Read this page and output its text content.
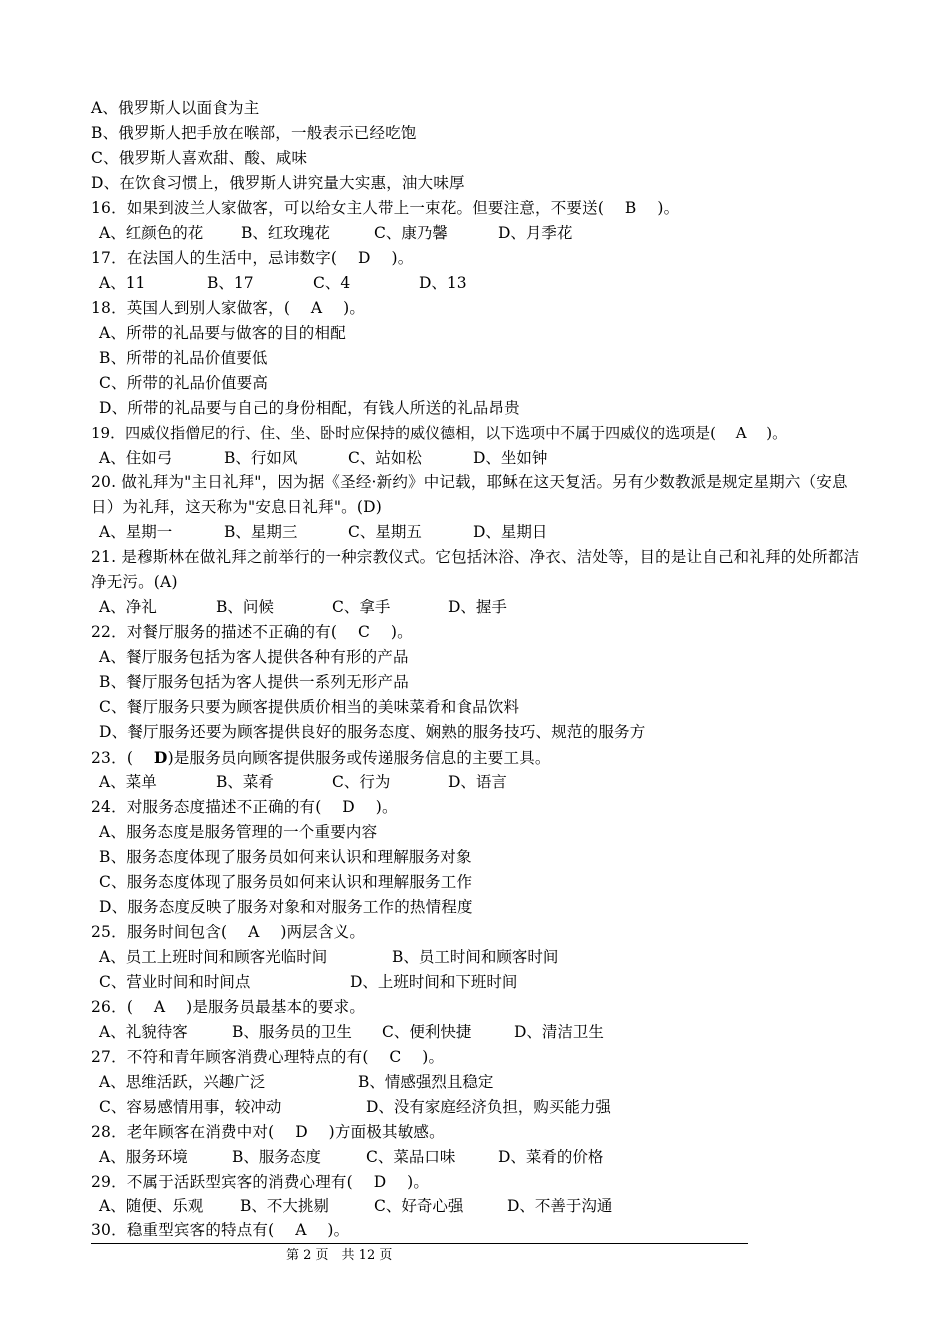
A、俄罗斯人以面食为主
B、俄罗斯人把手放在喉部，一般表示已经吃饱
C、俄罗斯人喜欢甜、酸、咸味
D、在饮食习惯上，俄罗斯人讲究量大实惠，油大味厚
16．如果到波兰人家做客，可以给女主人带上一束花。但要注意，不要送(　 B　 )。
A、红颜色的花 B、红玫瑰花	C、康乃馨	D、月季花
17．在法国人的生活中，忌讳数字(　 D　 )。
A、11	B、17	C、4	D、13
18．英国人到别人家做客，(　 A　 )。
A、所带的礼品要与做客的目的相配
B、所带的礼品价值要低
C、所带的礼品价值要高
D、所带的礼品要与自己的身份相配，有钱人所送的礼品昂贵
19．四威仪指僧尼的行、住、坐、卧时应保持的威仪德相，以下选项中不属于四威仪的选项是(　 A　 )。
A、住如弓	B、行如风	C、站如松	D、坐如钟
20. 做礼拜为"主日礼拜"，因为据《圣经·新约》中记载，耶稣在这天复活。另有少数教派是规定星期六（安息日）为礼拜，这天称为"安息日礼拜"。(D)
A、星期一	B、星期三	C、星期五	D、星期日
21. 是穆斯林在做礼拜之前举行的一种宗教仪式。它包括沐浴、净衣、洁处等，目的是让自己和礼拜的处所都洁净无污。(A)
A、净礼	B、问候	C、拿手	D、握手
22．对餐厅服务的描述不正确的有(　 C　 )。
A、餐厅服务包括为客人提供各种有形的产品
B、餐厅服务包括为客人提供一系列无形产品
C、餐厅服务只要为顾客提供质价相当的美味菜肴和食品饮料
D、餐厅服务还要为顾客提供良好的服务态度、娴熟的服务技巧、规范的服务方
23．(　 D)是服务员向顾客提供服务或传递服务信息的主要工具。
A、菜单	B、菜肴	C、行为	D、语言
24．对服务态度描述不正确的有(　 D　 )。
A、服务态度是服务管理的一个重要内容
B、服务态度体现了服务员如何来认识和理解服务对象
C、服务态度体现了服务员如何来认识和理解服务工作
D、服务态度反映了服务对象和对服务工作的热情程度
25．服务时间包含(　 A　 )两层含义。
A、员工上班时间和顾客光临时间	B、员工时间和顾客时间
C、营业时间和时间点	D、上班时间和下班时间
26．(　 A　 )是服务员最基本的要求。
A、礼貌待客	B、服务员的卫生 C、便利快捷	D、清洁卫生
27．不符和青年顾客消费心理特点的有(　 C　 )。
A、思维活跃，兴趣广泛	B、情感强烈且稳定
C、容易感情用事，较冲动	D、没有家庭经济负担，购买能力强
28．老年顾客在消费中对(　 D　 )方面极其敏感。
A、服务环境	B、服务态度	C、菜品口味	D、菜肴的价格
29．不属于活跃型宾客的消费心理有(　 D　 )。
A、随便、乐观 B、不大挑剔	C、好奇心强	D、不善于沟通
30．稳重型宾客的特点有(　 A　 )。
第 2 页　共 12 页
